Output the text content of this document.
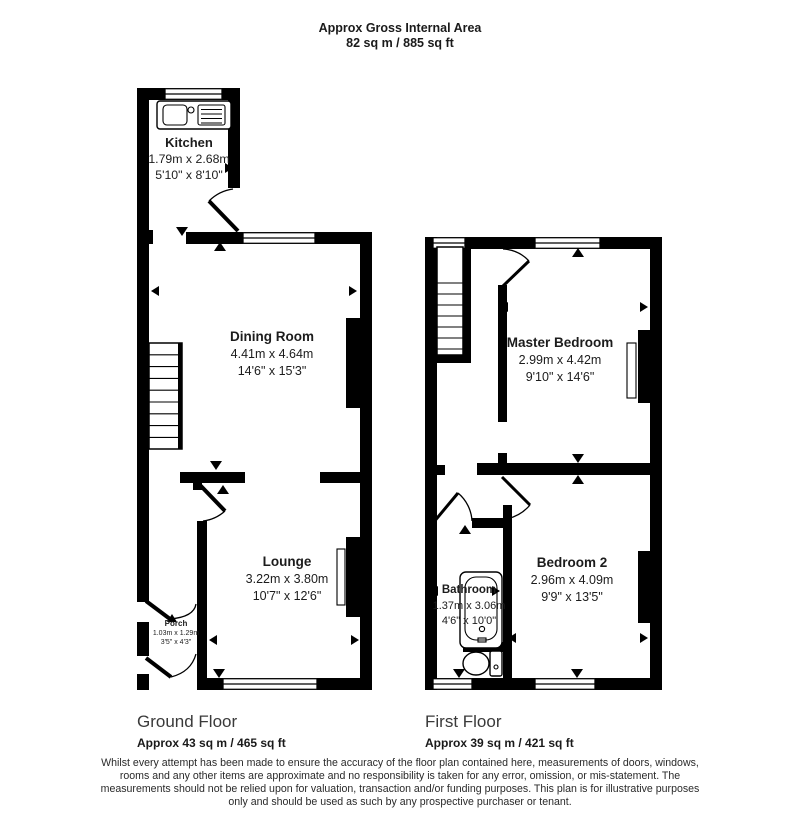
Approx Gross Internal Area
82 sq m / 885 sq ft
Kitchen
1.79m x 2.68m
5'10" x 8'10"
Dining Room
4.41m x 4.64m
14'6" x 15'3"
Lounge
3.22m x 3.80m
10'7" x 12'6"
Porch
1.03m x 1.29m
3'5" x 4'3"
Master Bedroom
2.99m x 4.42m
9'10" x 14'6"
Bedroom 2
2.96m x 4.09m
9'9" x 13'5"
Bathroom
1.37m x 3.06m
4'6" x 10'0"
Ground Floor
Approx 43 sq m / 465 sq ft
First Floor
Approx 39 sq m / 421 sq ft
Whilst every attempt has been made to ensure the accuracy of the floor plan contained here, measurements of doors, windows, rooms and any other items are approximate and no responsibility is taken for any error, omission, or mis-statement. The measurements should not be relied upon for valuation, transaction and/or funding purposes. This plan is for illustrative purposes only and should be used as such by any prospective purchaser or tenant.
